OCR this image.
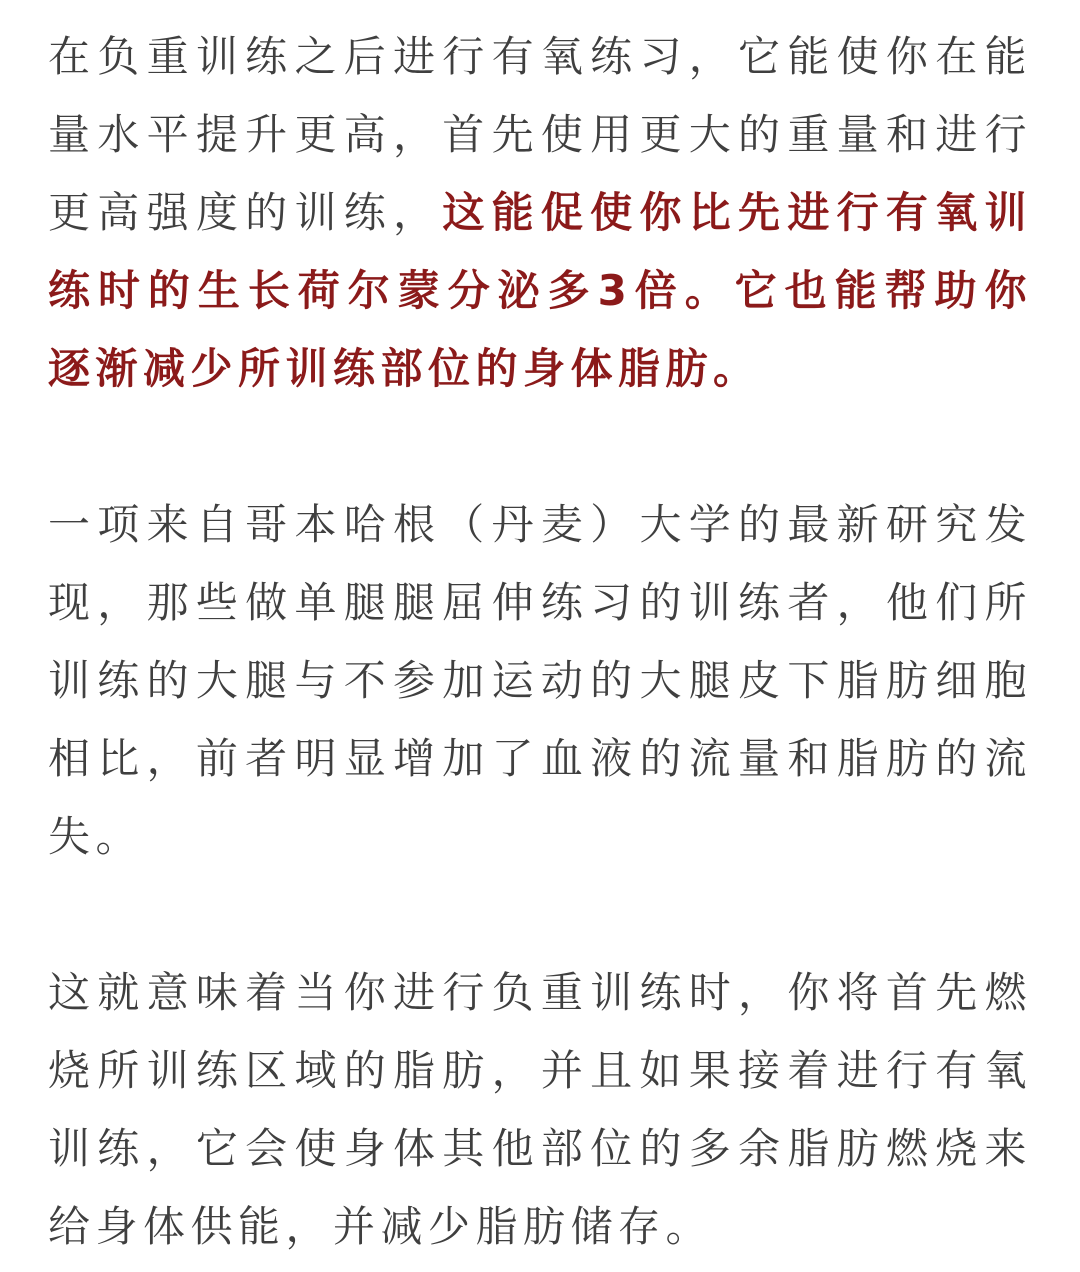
在负重训练之后进行有氧练习，它能使你在能量水平提升更高，首先使用更大的重量和进行更高强度的训练，这能促使你比先进行有氧训练时的生长荷尔蒙分泌多3倍。它也能帮助你逐渐减少所训练部位的身体脂肪。

一项来自哥本哈根（丹麦）大学的最新研究发现，那些做单腿腿屈伸练习的训练者，他们所训练的大腿与不参加运动的大腿皮下脂肪细胞相比，前者明显增加了血液的流量和脂肪的流失。

这就意味着当你进行负重训练时，你将首先燃烧所训练区域的脂肪，并且如果接着进行有氧训练，它会使身体其他部位的多余脂肪燃烧来给身体供能，并减少脂肪储存。
